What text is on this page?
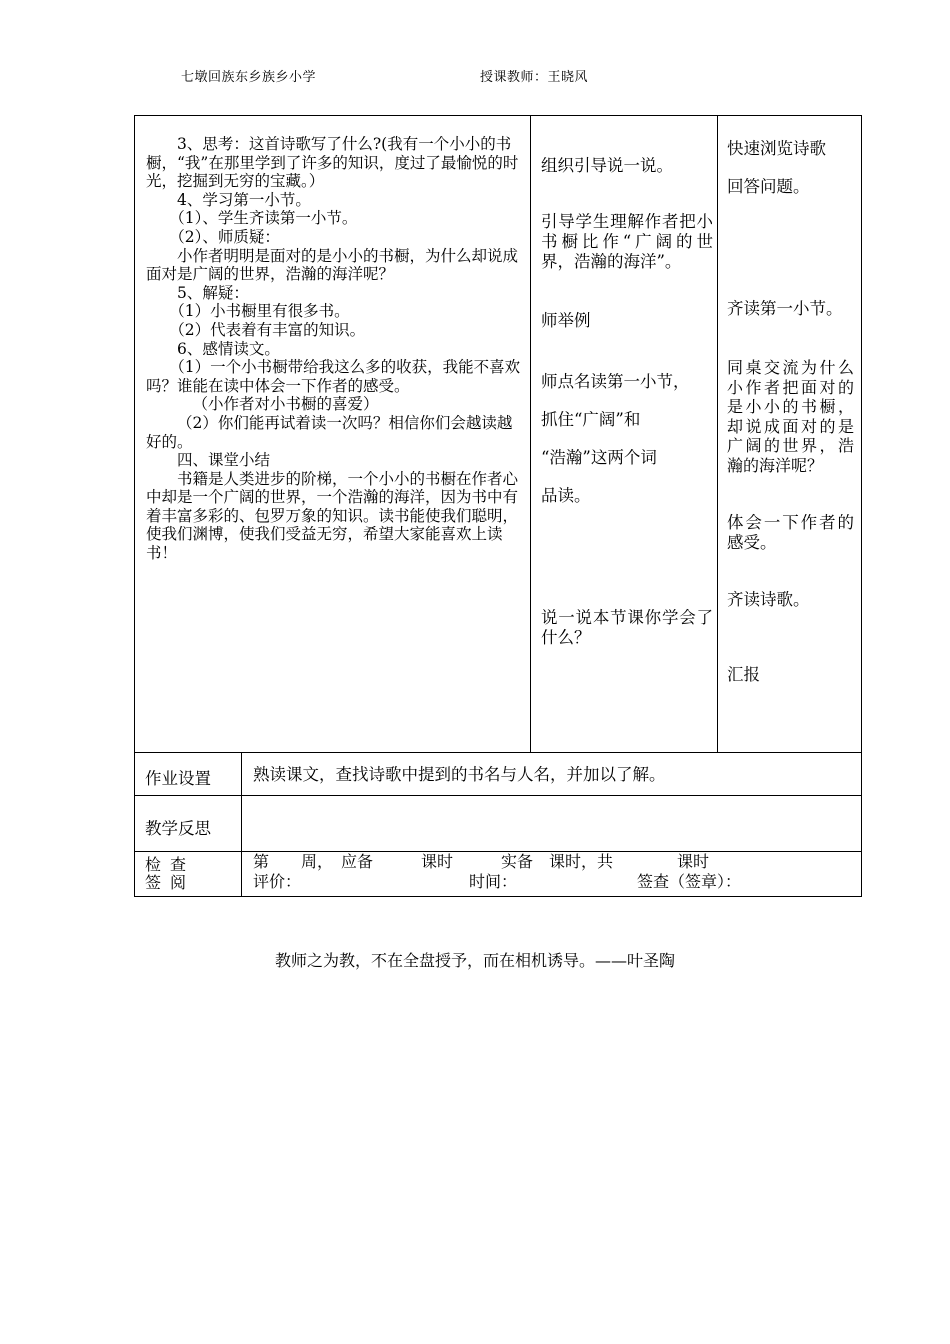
七墩回族东乡族乡小学	授课教师：王晓风

3、思考：这首诗歌写了什么?(我有一个小小的书橱，“我”在那里学到了许多的知识，度过了最愉悦的时光，挖掘到无穷的宝藏。）

4、学习第一小节。

（1）、学生齐读第一小节。

（2）、师质疑：

小作者明明是面对的是小小的书橱，为什么却说成面对是广阔的世界，浩瀚的海洋呢？

5、解疑：

（1）小书橱里有很多书。

（2）代表着有丰富的知识。

6、感情读文。

（1）一个小书橱带给我这么多的收获，我能不喜欢吗？谁能在读中体会一下作者的感受。

（小作者对小书橱的喜爱）

（2）你们能再试着读一次吗？相信你们会越读越好的。

四、课堂小结

书籍是人类进步的阶梯，一个小小的书橱在作者心中却是一个广阔的世界，一个浩瀚的海洋，因为书中有着丰富多彩的、包罗万象的知识。读书能使我们聪明，使我们渊博，使我们受益无穷，希望大家能喜欢上读书！

组织引导说一说。
引导学生理解作者把小书橱比作“广阔的世界，浩瀚的海洋”。
师举例
师点名读第一小节，
抓住“广阔”和
“浩瀚”这两个词
品读。
说一说本节课你学会了什么？
快速浏览诗歌
回答问题。
齐读第一小节。
同桌交流为什么小作者把面对的是小小的书橱，却说成面对的是广阔的世界，浩瀚的海洋呢？
体会一下作者的感受。
齐读诗歌。
汇报
作业设置	熟读课文，查找诗歌中提到的书名与人名，并加以了解。
教学反思
检查
签阅
第　　周，　应备　　　课时　　　实备　课时，共　　　　课时
评价：　　　　　　　　　　　时间：　　　　　　　　签查（签章）：
教师之为教，不在全盘授予，而在相机诱导。——叶圣陶
